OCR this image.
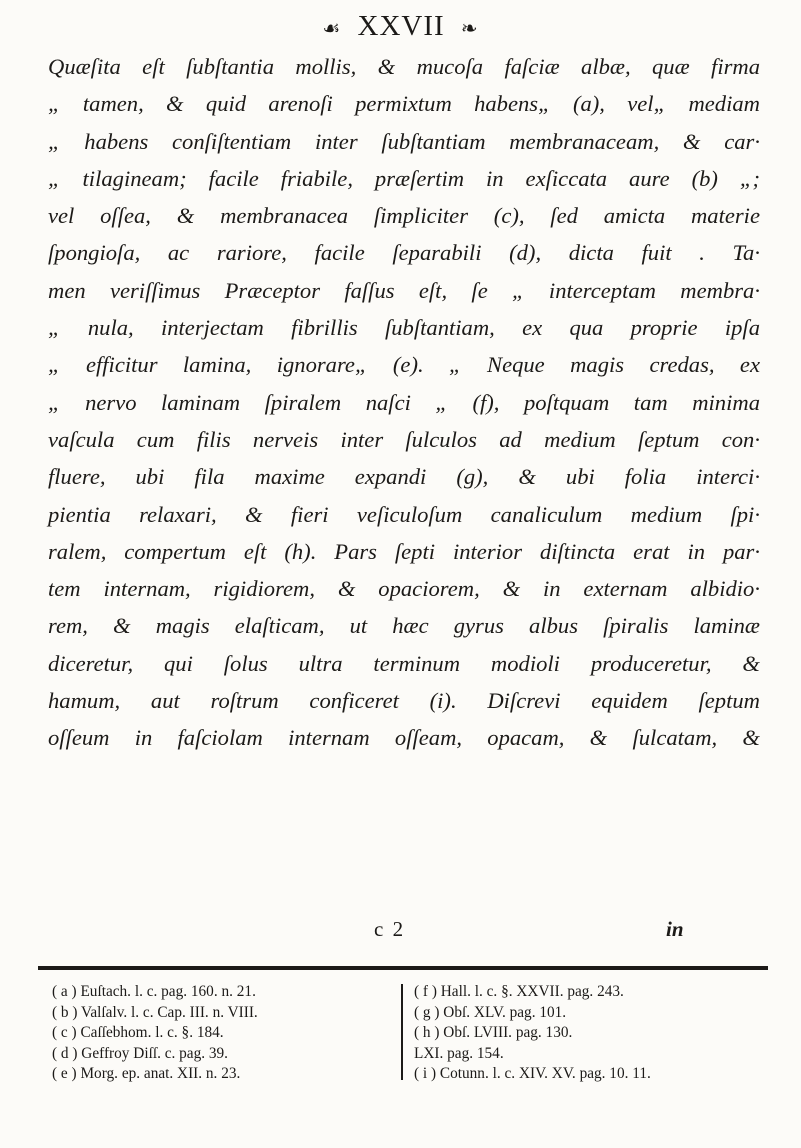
☙ XXVII ❧
Quæſita eſt ſubſtantia mollis, & mucoſa faſciæ albæ, quæ firma
„ tamen, & quid arenoſi permixtum habens„ (a), vel„ mediam
„ habens conſiſtentiam inter ſubſtantiam membranaceam, & car·
„ tilagineam; facile friabile, præſertim in exſiccata aure (b) „;
vel oſſea, & membranacea ſimpliciter (c), ſed amicta materie
ſpongioſa, ac rariore, facile ſeparabili (d), dicta fuit . Ta·
men veriſſimus Præceptor faſſus eſt, ſe „ interceptam membra·
„ nula, interjectam fibrillis ſubſtantiam, ex qua proprie ipſa
„ efficitur lamina, ignorare„ (e). „ Neque magis credas, ex
„ nervo laminam ſpiralem naſci „ (f), poſtquam tam minima
vaſcula cum filis nerveis inter ſulculos ad medium ſeptum con·
fluere, ubi fila maxime expandi (g), & ubi folia interci·
pientia relaxari, & fieri veſiculoſum canaliculum medium ſpi·
ralem, compertum eſt (h). Pars ſepti interior diſtincta erat in par·
tem internam, rigidiorem, & opaciorem, & in externam albidio·
rem, & magis elaſticam, ut hæc gyrus albus ſpiralis laminæ
diceretur, qui ſolus ultra terminum modioli produceretur, &
hamum, aut roſtrum conficeret (i). Diſcrevi equidem ſeptum
oſſeum in faſciolam internam oſſeam, opacam, & ſulcatam, &
c 2	in
( a ) Euſtach. l. c. pag. 160. n. 21.
( b ) Valſalv. l. c. Cap. III. n. VIII.
( c ) Caſſebhom. l. c. §. 184.
( d ) Geffroy Diſſ. c. pag. 39.
( e ) Morg. ep. anat. XII. n. 23.
( f ) Hall. l. c. §. XXVII. pag. 243.
( g ) Obſ. XLV. pag. 101.
( h ) Obſ. LVIII. pag. 130.
LXI. pag. 154.
( i ) Cotunn. l. c. XIV. XV. pag. 10. 11.
